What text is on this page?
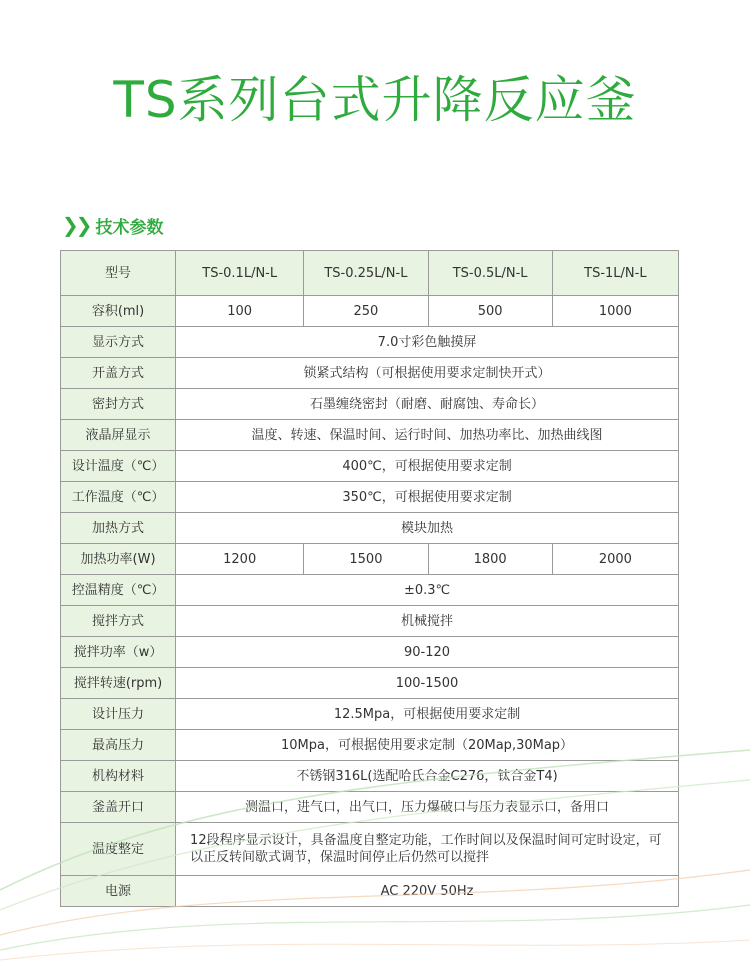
TS系列台式升降反应釜
❯❯ 技术参数
型号	TS-0.1L/N-L	TS-0.25L/N-L	TS-0.5L/N-L	TS-1L/N-L
容积(ml)	100	250	500	1000
显示方式	7.0寸彩色触摸屏			
开盖方式	锁紧式结构（可根据使用要求定制快开式）			
密封方式	石墨缠绕密封（耐磨、耐腐蚀、寿命长）			
液晶屏显示	温度、转速、保温时间、运行时间、加热功率比、加热曲线图			
设计温度（℃）	400℃，可根据使用要求定制			
工作温度（℃）	350℃，可根据使用要求定制			
加热方式	模块加热			
加热功率(W)	1200	1500	1800	2000
控温精度（℃）	±0.3℃			
搅拌方式	机械搅拌			
搅拌功率（w）	90-120			
搅拌转速(rpm)	100-1500			
设计压力	12.5Mpa，可根据使用要求定制			
最高压力	10Mpa，可根据使用要求定制（20Map,30Map）			
机构材料	不锈钢316L(选配哈氏合金C276，钛合金T4)			
釜盖开口	测温口，进气口，出气口，压力爆破口与压力表显示口，备用口			
温度整定	12段程序显示设计，具备温度自整定功能，工作时间以及保温时间可定时设定，可以正反转间歇式调节，保温时间停止后仍然可以搅拌			
电源	AC 220V 50Hz			
